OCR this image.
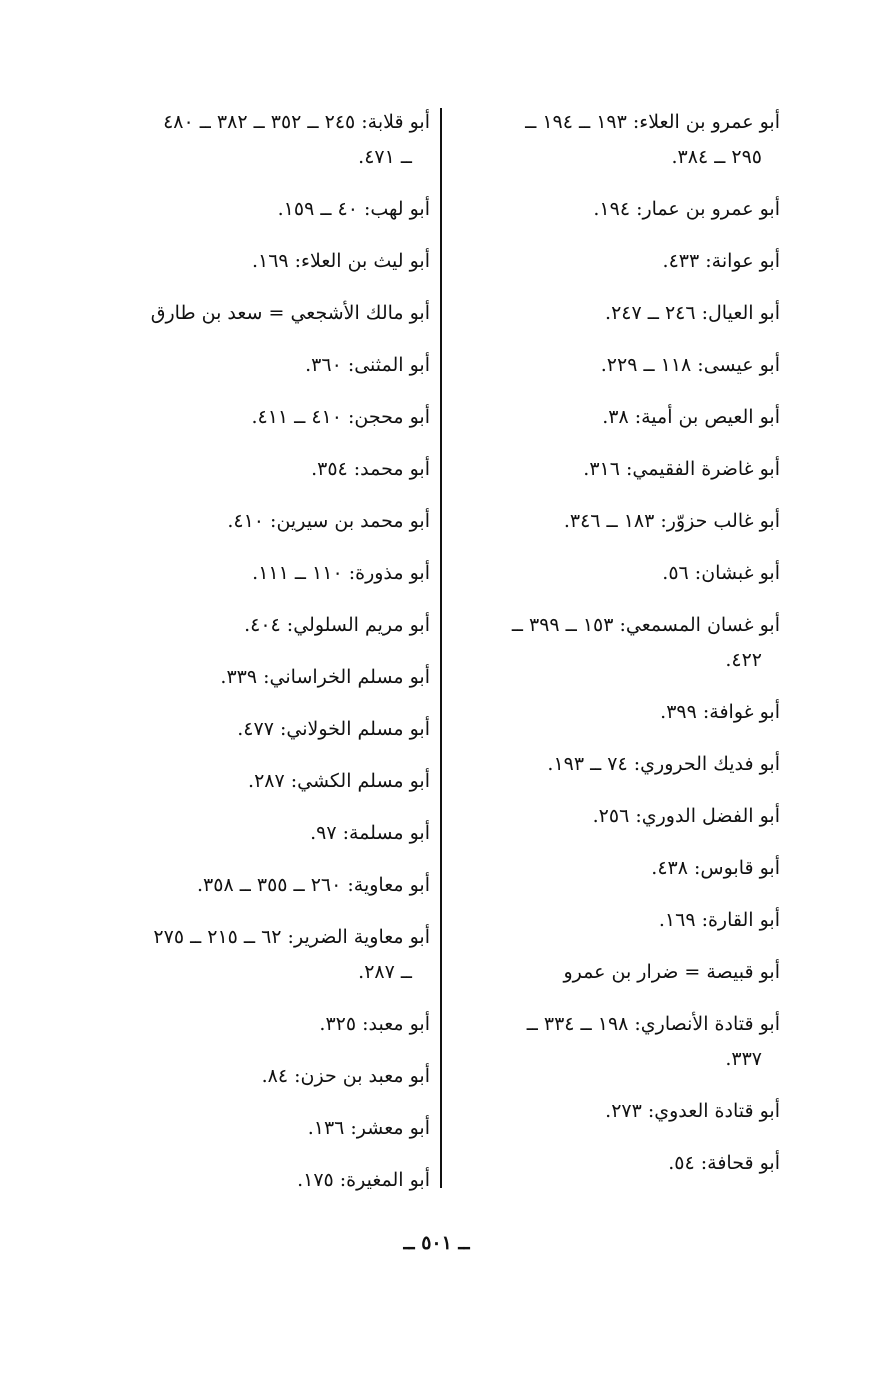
أبو عمرو بن العلاء: ١٩٣ ــ ١٩٤ ــ
٢٩٥ ــ ٣٨٤.

أبو عمرو بن عمار: ١٩٤.

أبو عوانة: ٤٣٣.

أبو العيال: ٢٤٦ ــ ٢٤٧.

أبو عيسى: ١١٨ ــ ٢٢٩.

أبو العيص بن أمية: ٣٨.

أبو غاضرة الفقيمي: ٣١٦.

أبو غالب حزوّر: ١٨٣ ــ ٣٤٦.

أبو غبشان: ٥٦.

أبو غسان المسمعي: ١٥٣ ــ ٣٩٩ ــ
٤٢٢.

أبو غوافة: ٣٩٩.

أبو فديك الحروري: ٧٤ ــ ١٩٣.

أبو الفضل الدوري: ٢٥٦.

أبو قابوس: ٤٣٨.

أبو القارة: ١٦٩.

أبو قبيصة = ضرار بن عمرو

أبو قتادة الأنصاري: ١٩٨ ــ ٣٣٤ ــ
٣٣٧.

أبو قتادة العدوي: ٢٧٣.

أبو قحافة: ٥٤.

أبو قلابة: ٢٤٥ ــ ٣٥٢ ــ ٣٨٢ ــ ٤٨٠
ــ ٤٧١.

أبو لهب: ٤٠ ــ ١٥٩.

أبو ليث بن العلاء: ١٦٩.

أبو مالك الأشجعي = سعد بن طارق

أبو المثنى: ٣٦٠.

أبو محجن: ٤١٠ ــ ٤١١.

أبو محمد: ٣٥٤.

أبو محمد بن سيرين: ٤١٠.

أبو مذورة: ١١٠ ــ ١١١.

أبو مريم السلولي: ٤٠٤.

أبو مسلم الخراساني: ٣٣٩.

أبو مسلم الخولاني: ٤٧٧.

أبو مسلم الكشي: ٢٨٧.

أبو مسلمة: ٩٧.

أبو معاوية: ٢٦٠ ــ ٣٥٥ ــ ٣٥٨.

أبو معاوية الضرير: ٦٢ ــ ٢١٥ ــ ٢٧٥
ــ ٢٨٧.

أبو معبد: ٣٢٥.

أبو معبد بن حزن: ٨٤.

أبو معشر: ١٣٦.

أبو المغيرة: ١٧٥.

ــ ٥٠١ ــ
